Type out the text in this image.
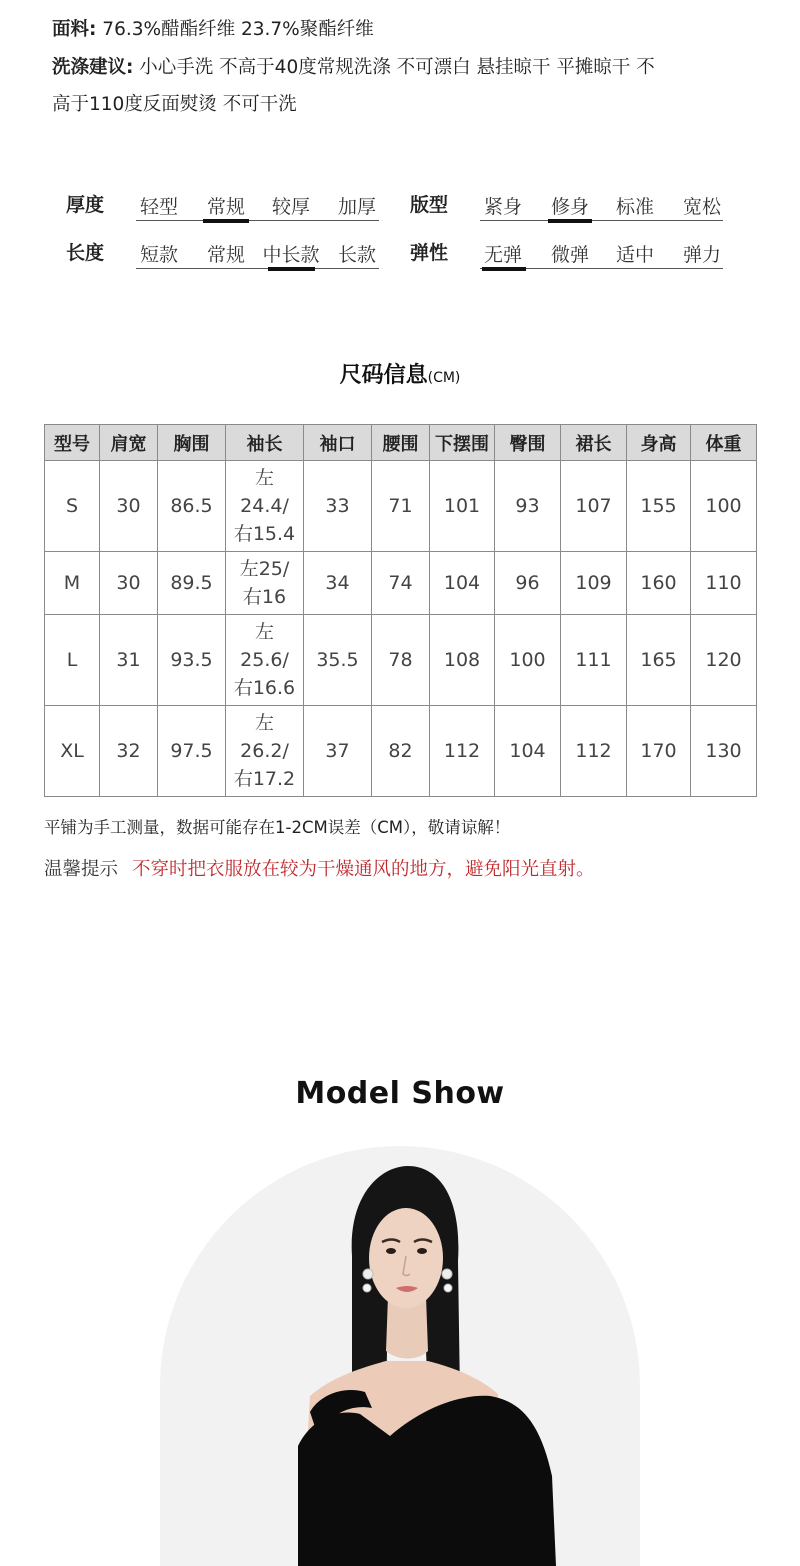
面料: 76.3%醋酯纤维 23.7%聚酯纤维
洗涤建议: 小心手洗 不高于40度常规洗涤 不可漂白 悬挂晾干 平摊晾干 不
高于110度反面熨烫 不可干洗
厚度	轻型	常规	较厚	加厚	版型	紧身	修身	标准	宽松
长度	短款	常规 中长款 长款	弹性	无弹	微弹	适中	弹力
尺码信息(CM)
型号	肩宽	胸围	袖长	袖口	腰围	下摆围	臀围	裙长	身高	体重
S	30	86.5	左
24.4/
右15.4	33	71	101	93	107	155	100
M	30	89.5	左25/
右16	34	74	104	96	109	160	110
L	31	93.5	左
25.6/
右16.6	35.5	78	108	100	111	165	120
XL	32	97.5	左
26.2/
右17.2	37	82	112	104	112	170	130
平铺为手工测量，数据可能存在1-2CM误差（CM），敬请谅解！
温馨提示 不穿时把衣服放在较为干燥通风的地方，避免阳光直射。
Model Show
